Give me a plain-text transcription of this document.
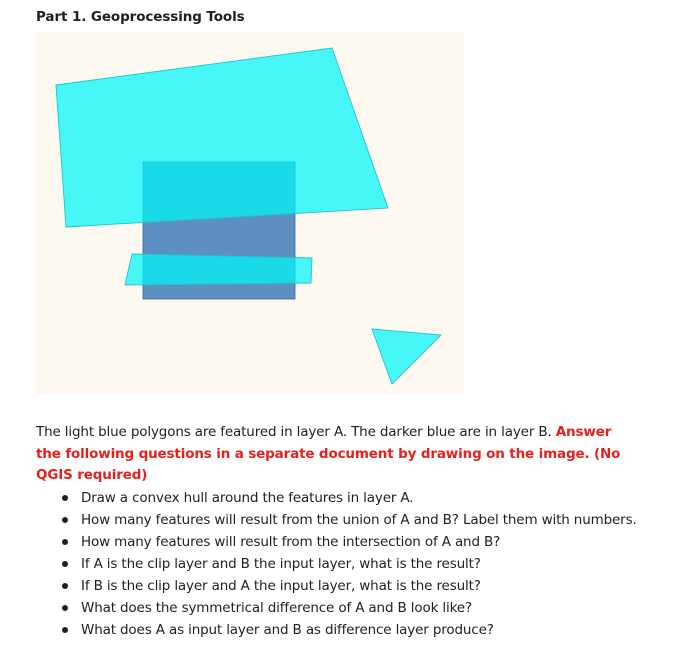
Part 1. Geoprocessing Tools
The light blue polygons are featured in layer A. The darker blue are in layer B. Answer the following questions in a separate document by drawing on the image. (No QGIS required)
Draw a convex hull around the features in layer A.
How many features will result from the union of A and B? Label them with numbers.
How many features will result from the intersection of A and B?
If A is the clip layer and B the input layer, what is the result?
If B is the clip layer and A the input layer, what is the result?
What does the symmetrical difference of A and B look like?
What does A as input layer and B as difference layer produce?
